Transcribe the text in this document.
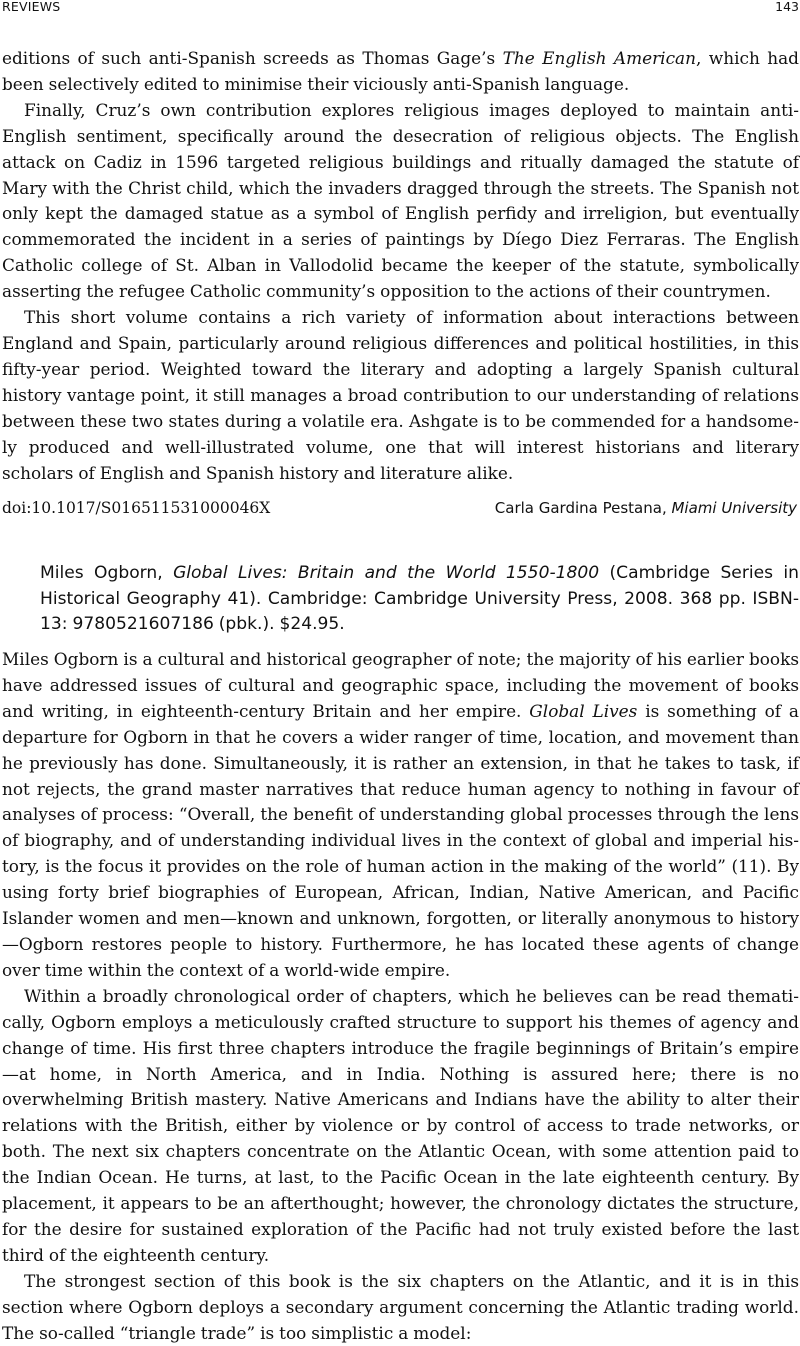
REVIEWS	143

editions of such anti-Spanish screeds as Thomas Gage’s The English American, which had been selectively edited to minimise their viciously anti-Spanish language.

Finally, Cruz’s own contribution explores religious images deployed to maintain anti-English sentiment, specifically around the desecration of religious objects. The English attack on Cadiz in 1596 targeted religious buildings and ritually damaged the statute of Mary with the Christ child, which the invaders dragged through the streets. The Spanish not only kept the damaged statue as a symbol of English perfidy and irreligion, but eventually commemorated the incident in a series of paintings by Díego Diez Ferraras. The English Catholic college of St. Alban in Vallodolid became the keeper of the statute, symbolically asserting the refugee Catholic community’s opposition to the actions of their countrymen.

This short volume contains a rich variety of information about interactions between England and Spain, particularly around religious differences and political hostilities, in this fifty-year period. Weighted toward the literary and adopting a largely Spanish cultural history vantage point, it still manages a broad contribution to our understanding of relations between these two states during a volatile era. Ashgate is to be commended for a handsomely produced and well-illustrated volume, one that will interest historians and literary scholars of English and Spanish history and literature alike.

doi:10.1017/S016511531000046X	Carla Gardina Pestana, Miami University
Miles Ogborn, Global Lives: Britain and the World 1550-1800 (Cambridge Series in Historical Geography 41). Cambridge: Cambridge University Press, 2008. 368 pp. ISBN-13: 9780521607186 (pbk.). $24.95.

Miles Ogborn is a cultural and historical geographer of note; the majority of his earlier books have addressed issues of cultural and geographic space, including the movement of books and writing, in eighteenth-century Britain and her empire. Global Lives is something of a departure for Ogborn in that he covers a wider ranger of time, location, and movement than he previously has done. Simultaneously, it is rather an extension, in that he takes to task, if not rejects, the grand master narratives that reduce human agency to nothing in favour of analyses of process: “Overall, the benefit of understanding global processes through the lens of biography, and of understanding individual lives in the context of global and imperial history, is the focus it provides on the role of human action in the making of the world” (11). By using forty brief biographies of European, African, Indian, Native American, and Pacific Islander women and men—known and unknown, forgotten, or literally anonymous to history—Ogborn restores people to history. Furthermore, he has located these agents of change over time within the context of a world-wide empire.

Within a broadly chronological order of chapters, which he believes can be read thematically, Ogborn employs a meticulously crafted structure to support his themes of agency and change of time. His first three chapters introduce the fragile beginnings of Britain’s empire—at home, in North America, and in India. Nothing is assured here; there is no overwhelming British mastery. Native Americans and Indians have the ability to alter their relations with the British, either by violence or by control of access to trade networks, or both. The next six chapters concentrate on the Atlantic Ocean, with some attention paid to the Indian Ocean. He turns, at last, to the Pacific Ocean in the late eighteenth century. By placement, it appears to be an afterthought; however, the chronology dictates the structure, for the desire for sustained exploration of the Pacific had not truly existed before the last third of the eighteenth century.

The strongest section of this book is the six chapters on the Atlantic, and it is in this section where Ogborn deploys a secondary argument concerning the Atlantic trading world. The so-called “triangle trade” is too simplistic a model:
